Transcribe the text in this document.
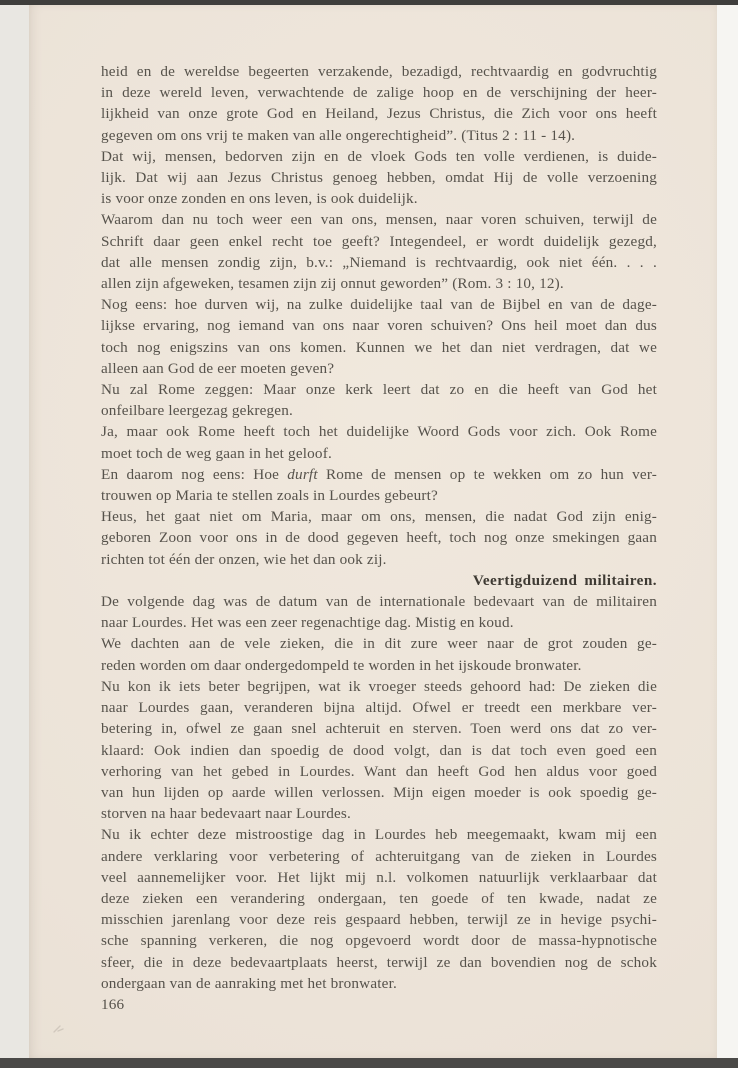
heid en de wereldse begeerten verzakende, bezadigd, rechtvaardig en godvruchtig
in deze wereld leven, verwachtende de zalige hoop en de verschijning der heer-
lijkheid van onze grote God en Heiland, Jezus Christus, die Zich voor ons heeft
gegeven om ons vrij te maken van alle ongerechtigheid”. (Titus 2 : 11 - 14).
Dat wij, mensen, bedorven zijn en de vloek Gods ten volle verdienen, is duide-
lijk. Dat wij aan Jezus Christus genoeg hebben, omdat Hij de volle verzoening
is voor onze zonden en ons leven, is ook duidelijk.
Waarom dan nu toch weer een van ons, mensen, naar voren schuiven, terwijl de
Schrift daar geen enkel recht toe geeft? Integendeel, er wordt duidelijk gezegd,
dat alle mensen zondig zijn, b.v.: „Niemand is rechtvaardig, ook niet één. . . .
allen zijn afgeweken, tesamen zijn zij onnut geworden” (Rom. 3 : 10, 12).
Nog eens: hoe durven wij, na zulke duidelijke taal van de Bijbel en van de dage-
lijkse ervaring, nog iemand van ons naar voren schuiven? Ons heil moet dan dus
toch nog enigszins van ons komen. Kunnen we het dan niet verdragen, dat we
alleen aan God de eer moeten geven?
Nu zal Rome zeggen: Maar onze kerk leert dat zo en die heeft van God het
onfeilbare leergezag gekregen.
Ja, maar ook Rome heeft toch het duidelijke Woord Gods voor zich. Ook Rome
moet toch de weg gaan in het geloof.
En daarom nog eens: Hoe durft Rome de mensen op te wekken om zo hun ver-
trouwen op Maria te stellen zoals in Lourdes gebeurt?
Heus, het gaat niet om Maria, maar om ons, mensen, die nadat God zijn enig-
geboren Zoon voor ons in de dood gegeven heeft, toch nog onze smekingen gaan
richten tot één der onzen, wie het dan ook zij.
Veertigduizend militairen.
De volgende dag was de datum van de internationale bedevaart van de militairen
naar Lourdes. Het was een zeer regenachtige dag. Mistig en koud.
We dachten aan de vele zieken, die in dit zure weer naar de grot zouden ge-
reden worden om daar ondergedompeld te worden in het ijskoude bronwater.
Nu kon ik iets beter begrijpen, wat ik vroeger steeds gehoord had: De zieken die
naar Lourdes gaan, veranderen bijna altijd. Ofwel er treedt een merkbare ver-
betering in, ofwel ze gaan snel achteruit en sterven. Toen werd ons dat zo ver-
klaard: Ook indien dan spoedig de dood volgt, dan is dat toch even goed een
verhoring van het gebed in Lourdes. Want dan heeft God hen aldus voor goed
van hun lijden op aarde willen verlossen. Mijn eigen moeder is ook spoedig ge-
storven na haar bedevaart naar Lourdes.
Nu ik echter deze mistroostige dag in Lourdes heb meegemaakt, kwam mij een
andere verklaring voor verbetering of achteruitgang van de zieken in Lourdes
veel aannemelijker voor. Het lijkt mij n.l. volkomen natuurlijk verklaarbaar dat
deze zieken een verandering ondergaan, ten goede of ten kwade, nadat ze
misschien jarenlang voor deze reis gespaard hebben, terwijl ze in hevige psychi-
sche spanning verkeren, die nog opgevoerd wordt door de massa-hypnotische
sfeer, die in deze bedevaartplaats heerst, terwijl ze dan bovendien nog de schok
ondergaan van de aanraking met het bronwater.
166
